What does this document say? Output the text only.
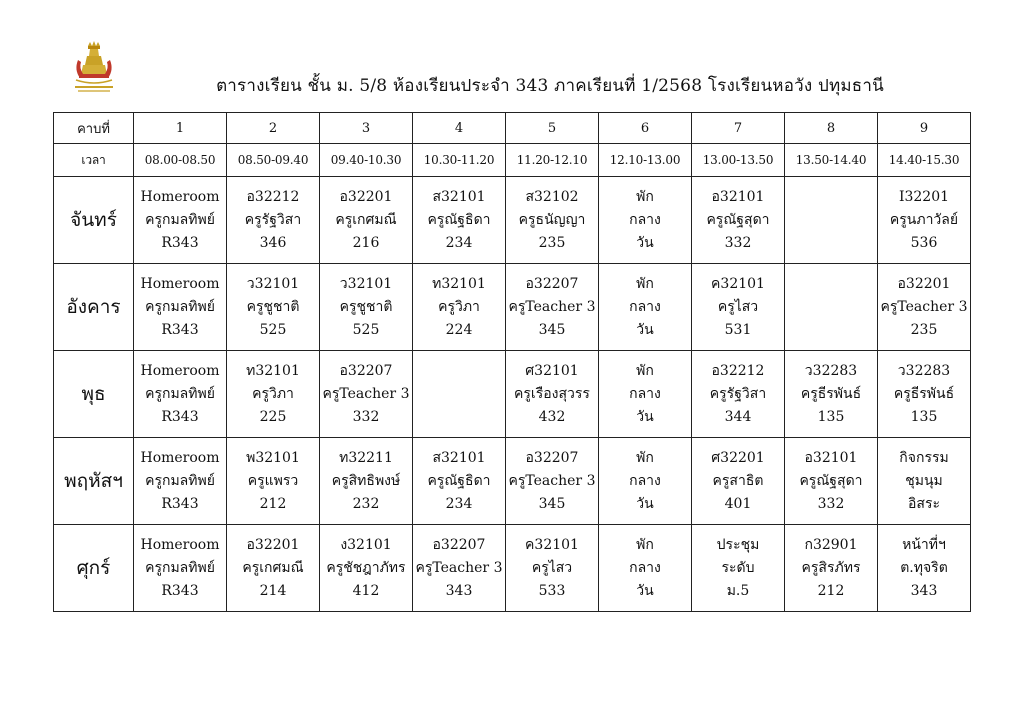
ตารางเรียน ชั้น ม. 5/8 ห้องเรียนประจำ 343 ภาคเรียนที่ 1/2568 โรงเรียนหอวัง ปทุมธานี
คาบที่	1	2	3	4	5	6	7	8	9
เวลา	08.00-08.50	08.50-09.40	09.40-10.30	10.30-11.20	11.20-12.10	12.10-13.00	13.00-13.50	13.50-14.40	14.40-15.30
จันทร์	Homeroom
ครูกมลทิพย์
R343	อ32212
ครูรัฐวิสา
346	อ32201
ครูเกศมณี
216	ส32101
ครูณัฐธิดา
234	ส32102
ครูธนัญญา
235	พัก
กลาง
วัน	อ32101
ครูณัฐสุดา
332		I32201
ครูนภาวัลย์
536

อังคาร	Homeroom
ครูกมลทิพย์
R343	ว32101
ครูชูชาติ
525	ว32101
ครูชูชาติ
525	ท32101
ครูวิภา
224	อ32207
ครูTeacher 3
345	พัก
กลาง
วัน	ค32101
ครูไสว
531		อ32201
ครูTeacher 3
235

พุธ	Homeroom
ครูกมลทิพย์
R343	ท32101
ครูวิภา
225	อ32207
ครูTeacher 3
332		ศ32101
ครูเรืองสุวรร
432	พัก
กลาง
วัน	อ32212
ครูรัฐวิสา
344	ว32283
ครูธีรพันธ์
135	ว32283
ครูธีรพันธ์
135

พฤหัสฯ	Homeroom
ครูกมลทิพย์
R343	พ32101
ครูแพรว
212	ท32211
ครูสิทธิพงษ์
232	ส32101
ครูณัฐธิดา
234	อ32207
ครูTeacher 3
345	พัก
กลาง
วัน	ศ32201
ครูสาธิต
401	อ32101
ครูณัฐสุดา
332	กิจกรรม
ชุมนุม
อิสระ

ศุกร์	Homeroom
ครูกมลทิพย์
R343	อ32201
ครูเกศมณี
214	ง32101
ครูชัชฎาภัทร
412	อ32207
ครูTeacher 3
343	ค32101
ครูไสว
533	พัก
กลาง
วัน	ประชุม
ระดับ
ม.5	ก32901
ครูสิรภัทร
212	หน้าที่ฯ
ต.ทุจริต
343
